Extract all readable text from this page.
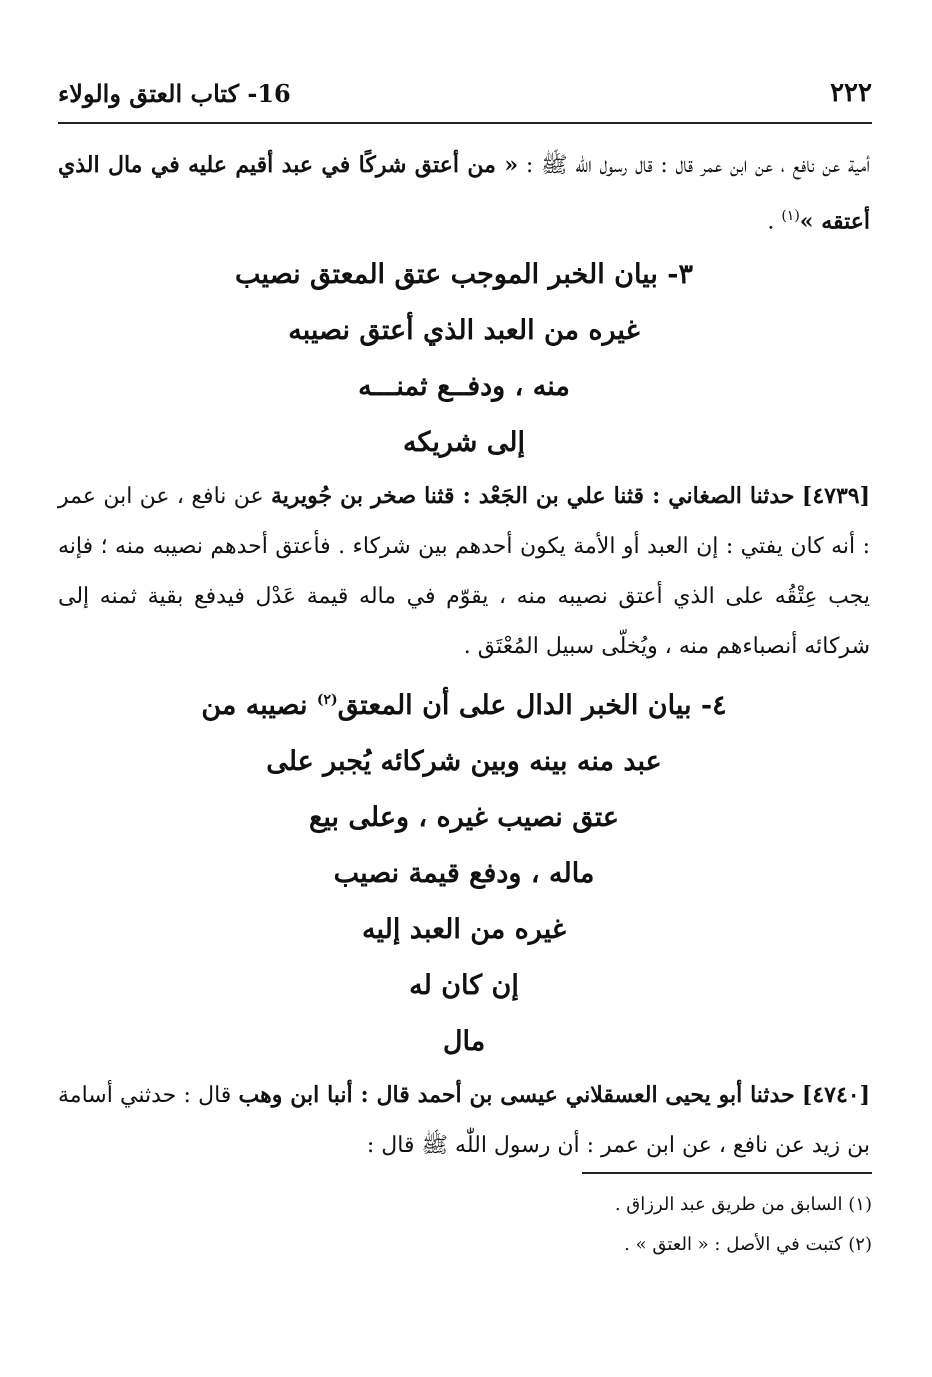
16- كتاب العتق والولاء	٢٢٢

أمية عن نافع ، عن ابن عمر قال : قال رسول اللّٰه ﷺ : « من أعتق شركًا في عبد أقيم عليه في مال الذي أعتقه »$^{(١)}$ .

٣- بيان الخبر الموجب عتق المعتق نصيب
غيره من العبد الذي أعتق نصيبه
منه ، ودفــع ثمنـــه
إلى شريكه

[٤٧٣٩] حدثنا الصغاني : قثنا علي بن الجَعْد : قثنا صخر بن جُويرية عن نافع ، عن ابن عمر : أنه كان يفتي : إن العبد أو الأمة يكون أحدهم بين شركاء . فأعتق أحدهم نصيبه منه ؛ فإنه يجب عِتْقُه على الذي أعتق نصيبه منه ، يقوّم في ماله قيمة عَدْل فيدفع بقية ثمنه إلى شركائه أنصباءهم منه ، ويُخلّى سبيل المُعْتَق .

٤- بيان الخبر الدال على أن المعتق$^{(٢)}$ نصيبه من
عبد منه بينه وبين شركائه يُجبر على
عتق نصيب غيره ، وعلى بيع
ماله ، ودفع قيمة نصيب
غيره من العبد إليه
إن كان له
مال

[٤٧٤٠] حدثنا أبو يحيى العسقلاني عيسى بن أحمد قال : أنبا ابن وهب قال : حدثني أسامة بن زيد عن نافع ، عن ابن عمر : أن رسول اللّٰه ﷺ قال :

(١) السابق من طريق عبد الرزاق .
(٢) كتبت في الأصل : « العتق » .
